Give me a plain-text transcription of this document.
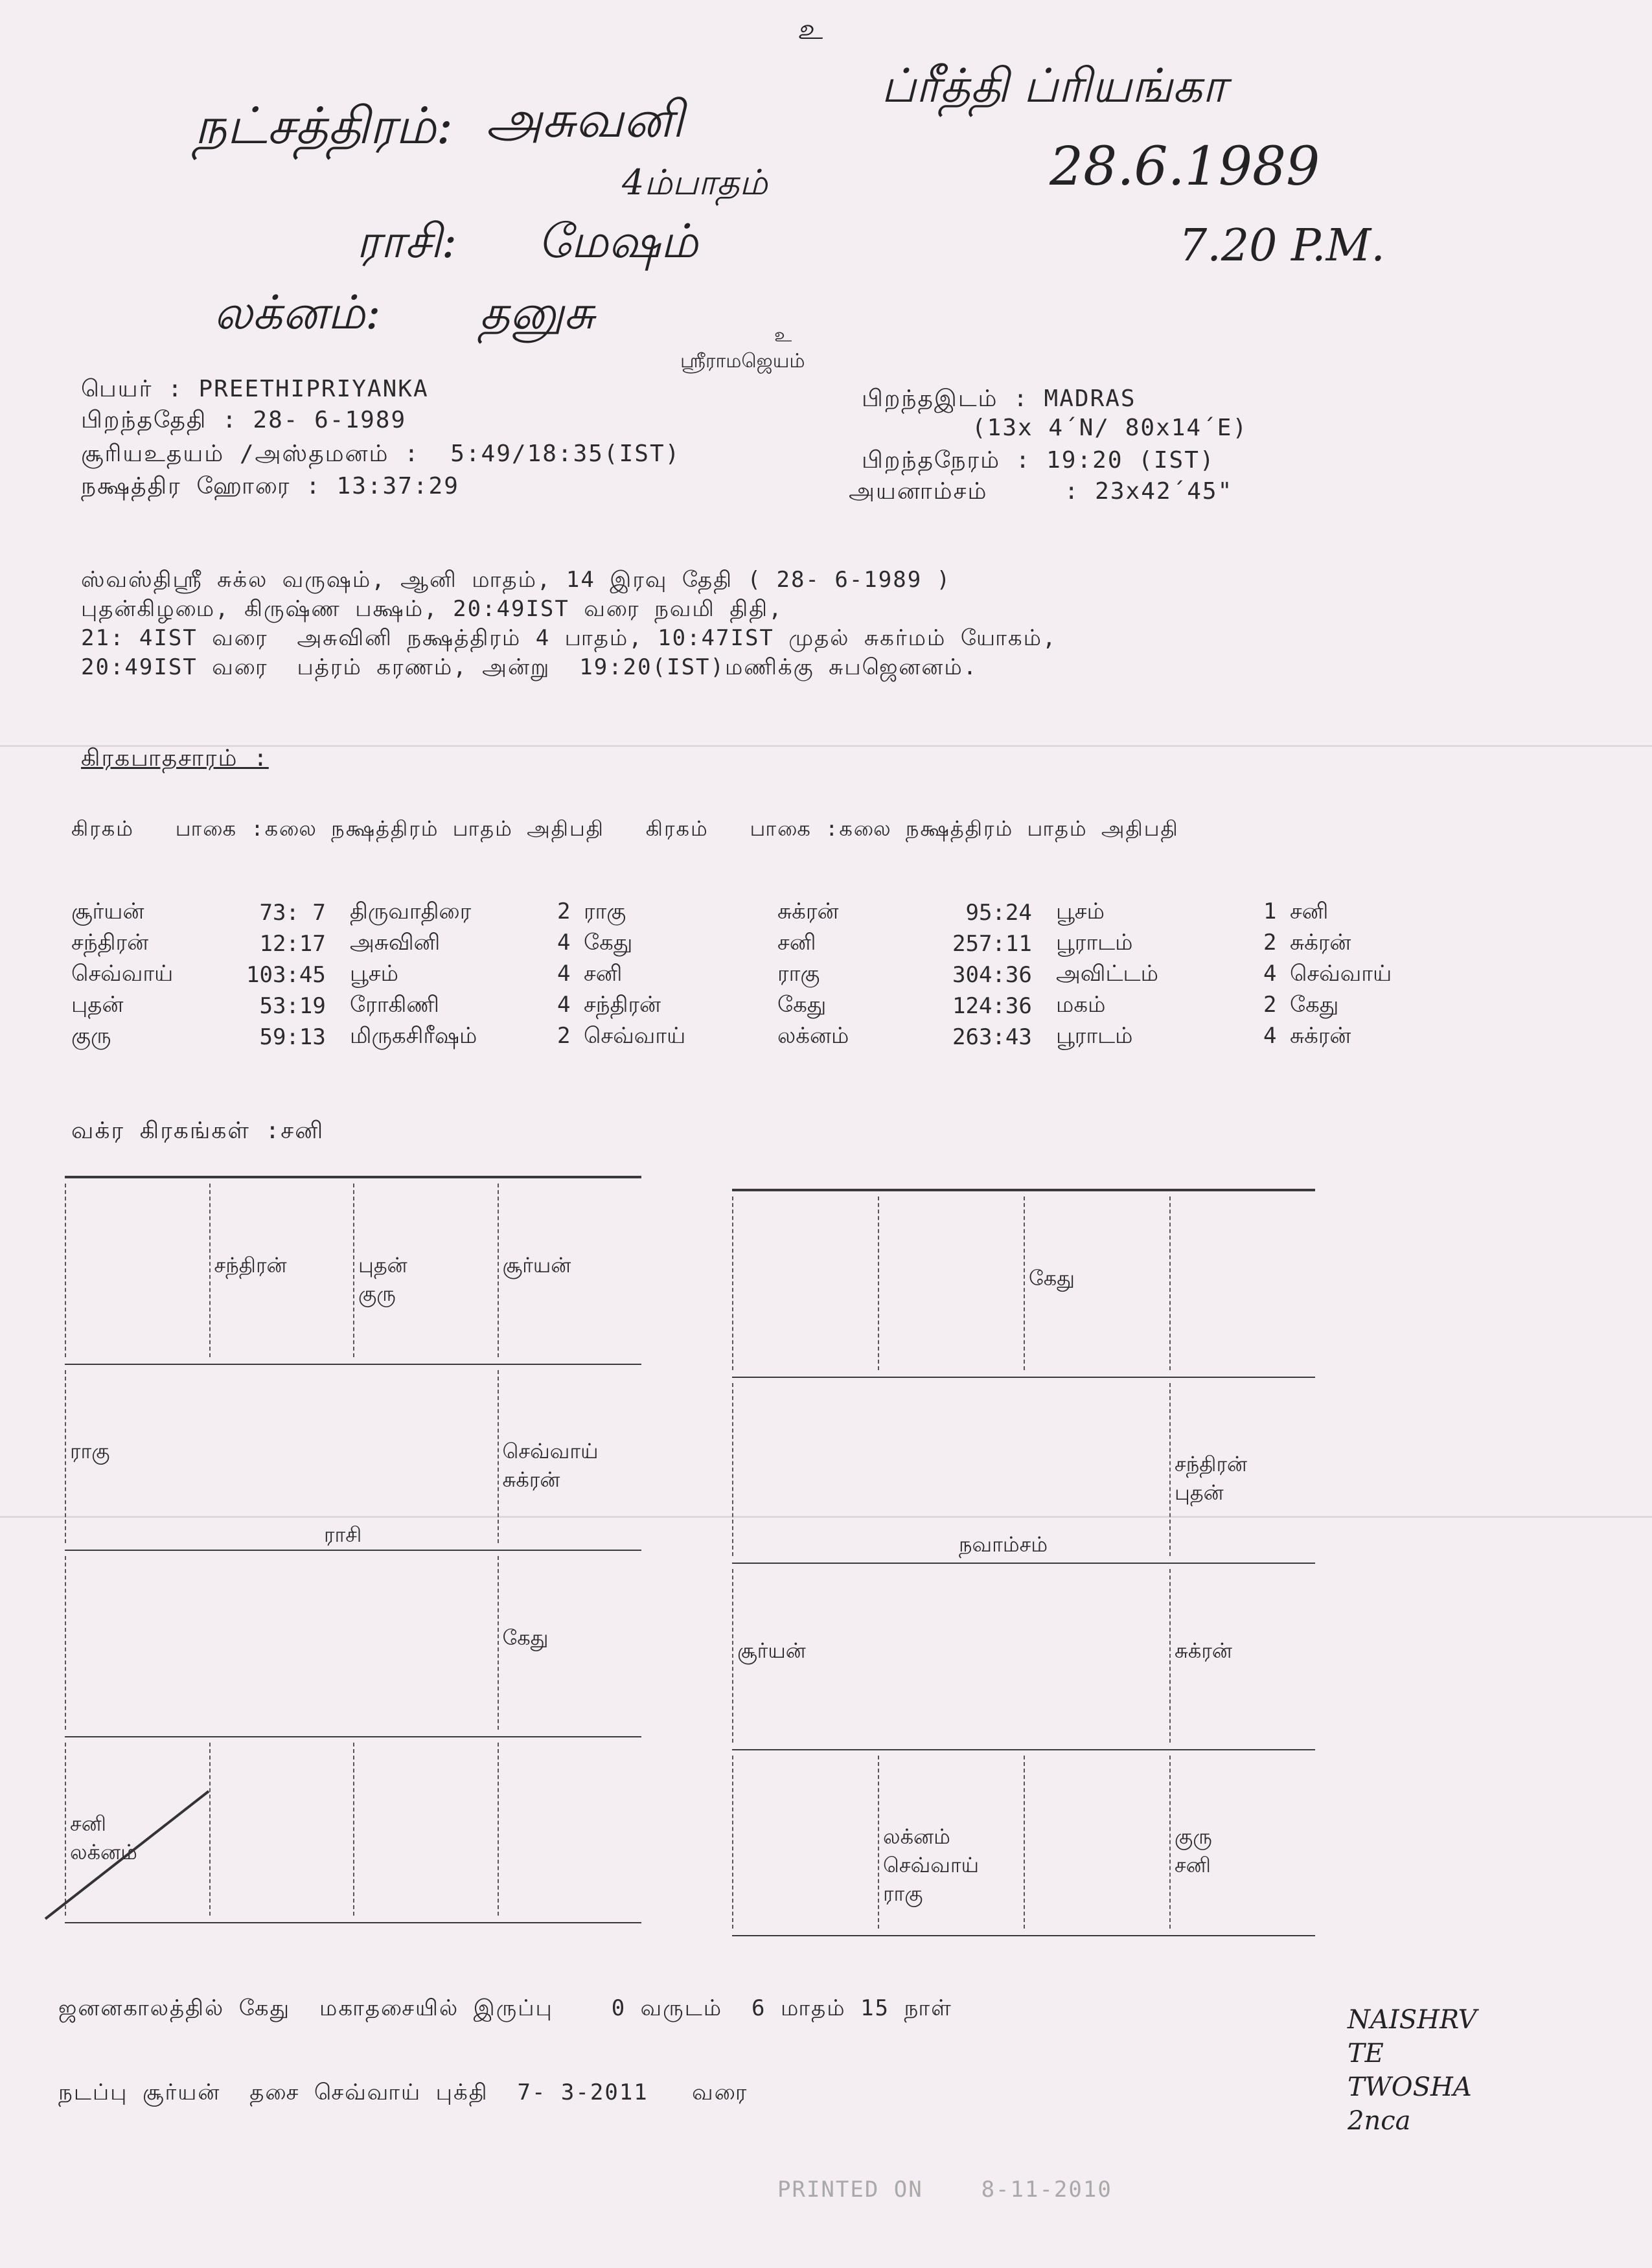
உ
நட்சத்திரம்: அசுவனி
4ம்பாதம்
ராசி: மேஷம்
லக்னம்: தனுசு
ப்ரீத்தி ப்ரியங்கா
28.6.1989
7.20 P.M.
உ
ஸ்ரீராமஜெயம்
பெயர் : PREETHIPRIYANKA
பிறந்ததேதி : 28- 6-1989
சூரியஉதயம் /அஸ்தமனம் :  5:49/18:35(IST)
நக்ஷத்திர ஹோரை : 13:37:29
பிறந்தஇடம் : MADRAS
(13x 4´N/ 80x14´E)
பிறந்தநேரம் : 19:20 (IST)
அயனாம்சம்     : 23x42´45"
ஸ்வஸ்திஸ்ரீ சுக்ல வருஷம், ஆனி மாதம், 14 இரவு தேதி ( 28- 6-1989 )
புதன்கிழமை, கிருஷ்ண பக்ஷம், 20:49IST வரை நவமி திதி,
21: 4IST வரை  அசுவினி நக்ஷத்திரம் 4 பாதம், 10:47IST முதல் சுகர்மம் யோகம்,
20:49IST வரை  பத்ரம் கரணம், அன்று  19:20(IST)மணிக்கு சுபஜெனனம்.
கிரகபாதசாரம் :
கிரகம்   பாகை :கலை நக்ஷத்திரம் பாதம் அதிபதி   கிரகம்   பாகை :கலை நக்ஷத்திரம் பாதம் அதிபதி
சூர்யன்	73: 7	திருவாதிரை	2 ராகு
சந்திரன்	12:17	அசுவினி	4 கேது
செவ்வாய்	103:45	பூசம்	4 சனி
புதன்	53:19	ரோகிணி	4 சந்திரன்
குரு	59:13	மிருகசிரீஷம்	2 செவ்வாய்
சுக்ரன்	95:24	பூசம்	1 சனி
சனி	257:11	பூராடம்	2 சுக்ரன்
ராகு	304:36	அவிட்டம்	4 செவ்வாய்
கேது	124:36	மகம்	2 கேது
லக்னம்	263:43	பூராடம்	4 சுக்ரன்
வக்ர கிரகங்கள் :சனி
சந்திரன்	புதன்
குரு
சூர்யன்
ராகு	செவ்வாய்
சுக்ரன்
கேது
சனி
லக்னம்
ராசி
கேது
சந்திரன்
புதன்
சூர்யன்	சுக்ரன்
லக்னம்
செவ்வாய்
ராகு
குரு
சனி
நவாம்சம்
ஜனனகாலத்தில் கேது  மகாதசையில் இருப்பு    0 வருடம்  6 மாதம் 15 நாள்
நடப்பு சூர்யன்  தசை செவ்வாய் புக்தி  7- 3-2011   வரை
PRINTED ON    8-11-2010

NAISHRV
TE
TWOSHA
2nca
